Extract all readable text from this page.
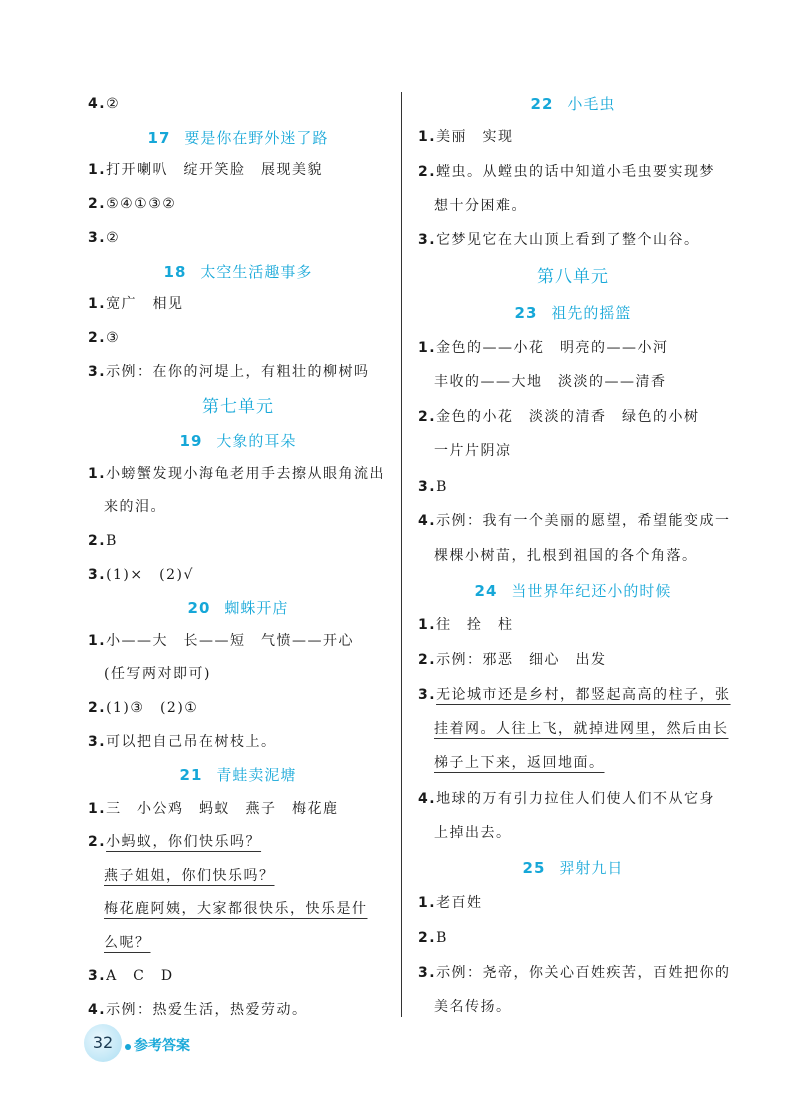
4.②
17 要是你在野外迷了路
1.打开喇叭　绽开笑脸　展现美貌
2.⑤④①③②
3.②
18 太空生活趣事多
1.宽广　相见
2.③
3.示例：在你的河堤上，有粗壮的柳树吗
第七单元
19 大象的耳朵
1.小螃蟹发现小海龟老用手去擦从眼角流出
来的泪。
2.B
3.(1)×　(2)√
20 蜘蛛开店
1.小——大　长——短　气愤——开心
(任写两对即可)
2.(1)③　(2)①
3.可以把自己吊在树枝上。
21 青蛙卖泥塘
1.三　小公鸡　蚂蚁　燕子　梅花鹿
2.小蚂蚁，你们快乐吗？
燕子姐姐，你们快乐吗？
梅花鹿阿姨，大家都很快乐，快乐是什
么呢？
3.A　C　D
4.示例：热爱生活，热爱劳动。
22 小毛虫
1.美丽　实现
2.螳虫。从螳虫的话中知道小毛虫要实现梦
想十分困难。
3.它梦见它在大山顶上看到了整个山谷。
第八单元
23 祖先的摇篮
1.金色的——小花　明亮的——小河
丰收的——大地　淡淡的——清香
2.金色的小花　淡淡的清香　绿色的小树
一片片阴凉
3.B
4.示例：我有一个美丽的愿望，希望能变成一
棵棵小树苗，扎根到祖国的各个角落。
24 当世界年纪还小的时候
1.往　拴　柱
2.示例：邪恶　细心　出发
3.无论城市还是乡村，都竖起高高的柱子，张
挂着网。人往上飞，就掉进网里，然后由长
梯子上下来，返回地面。
4.地球的万有引力拉住人们使人们不从它身
上掉出去。
25 羿射九日
1.老百姓
2.B
3.示例：尧帝，你关心百姓疾苦，百姓把你的
美名传扬。
32	参考答案
